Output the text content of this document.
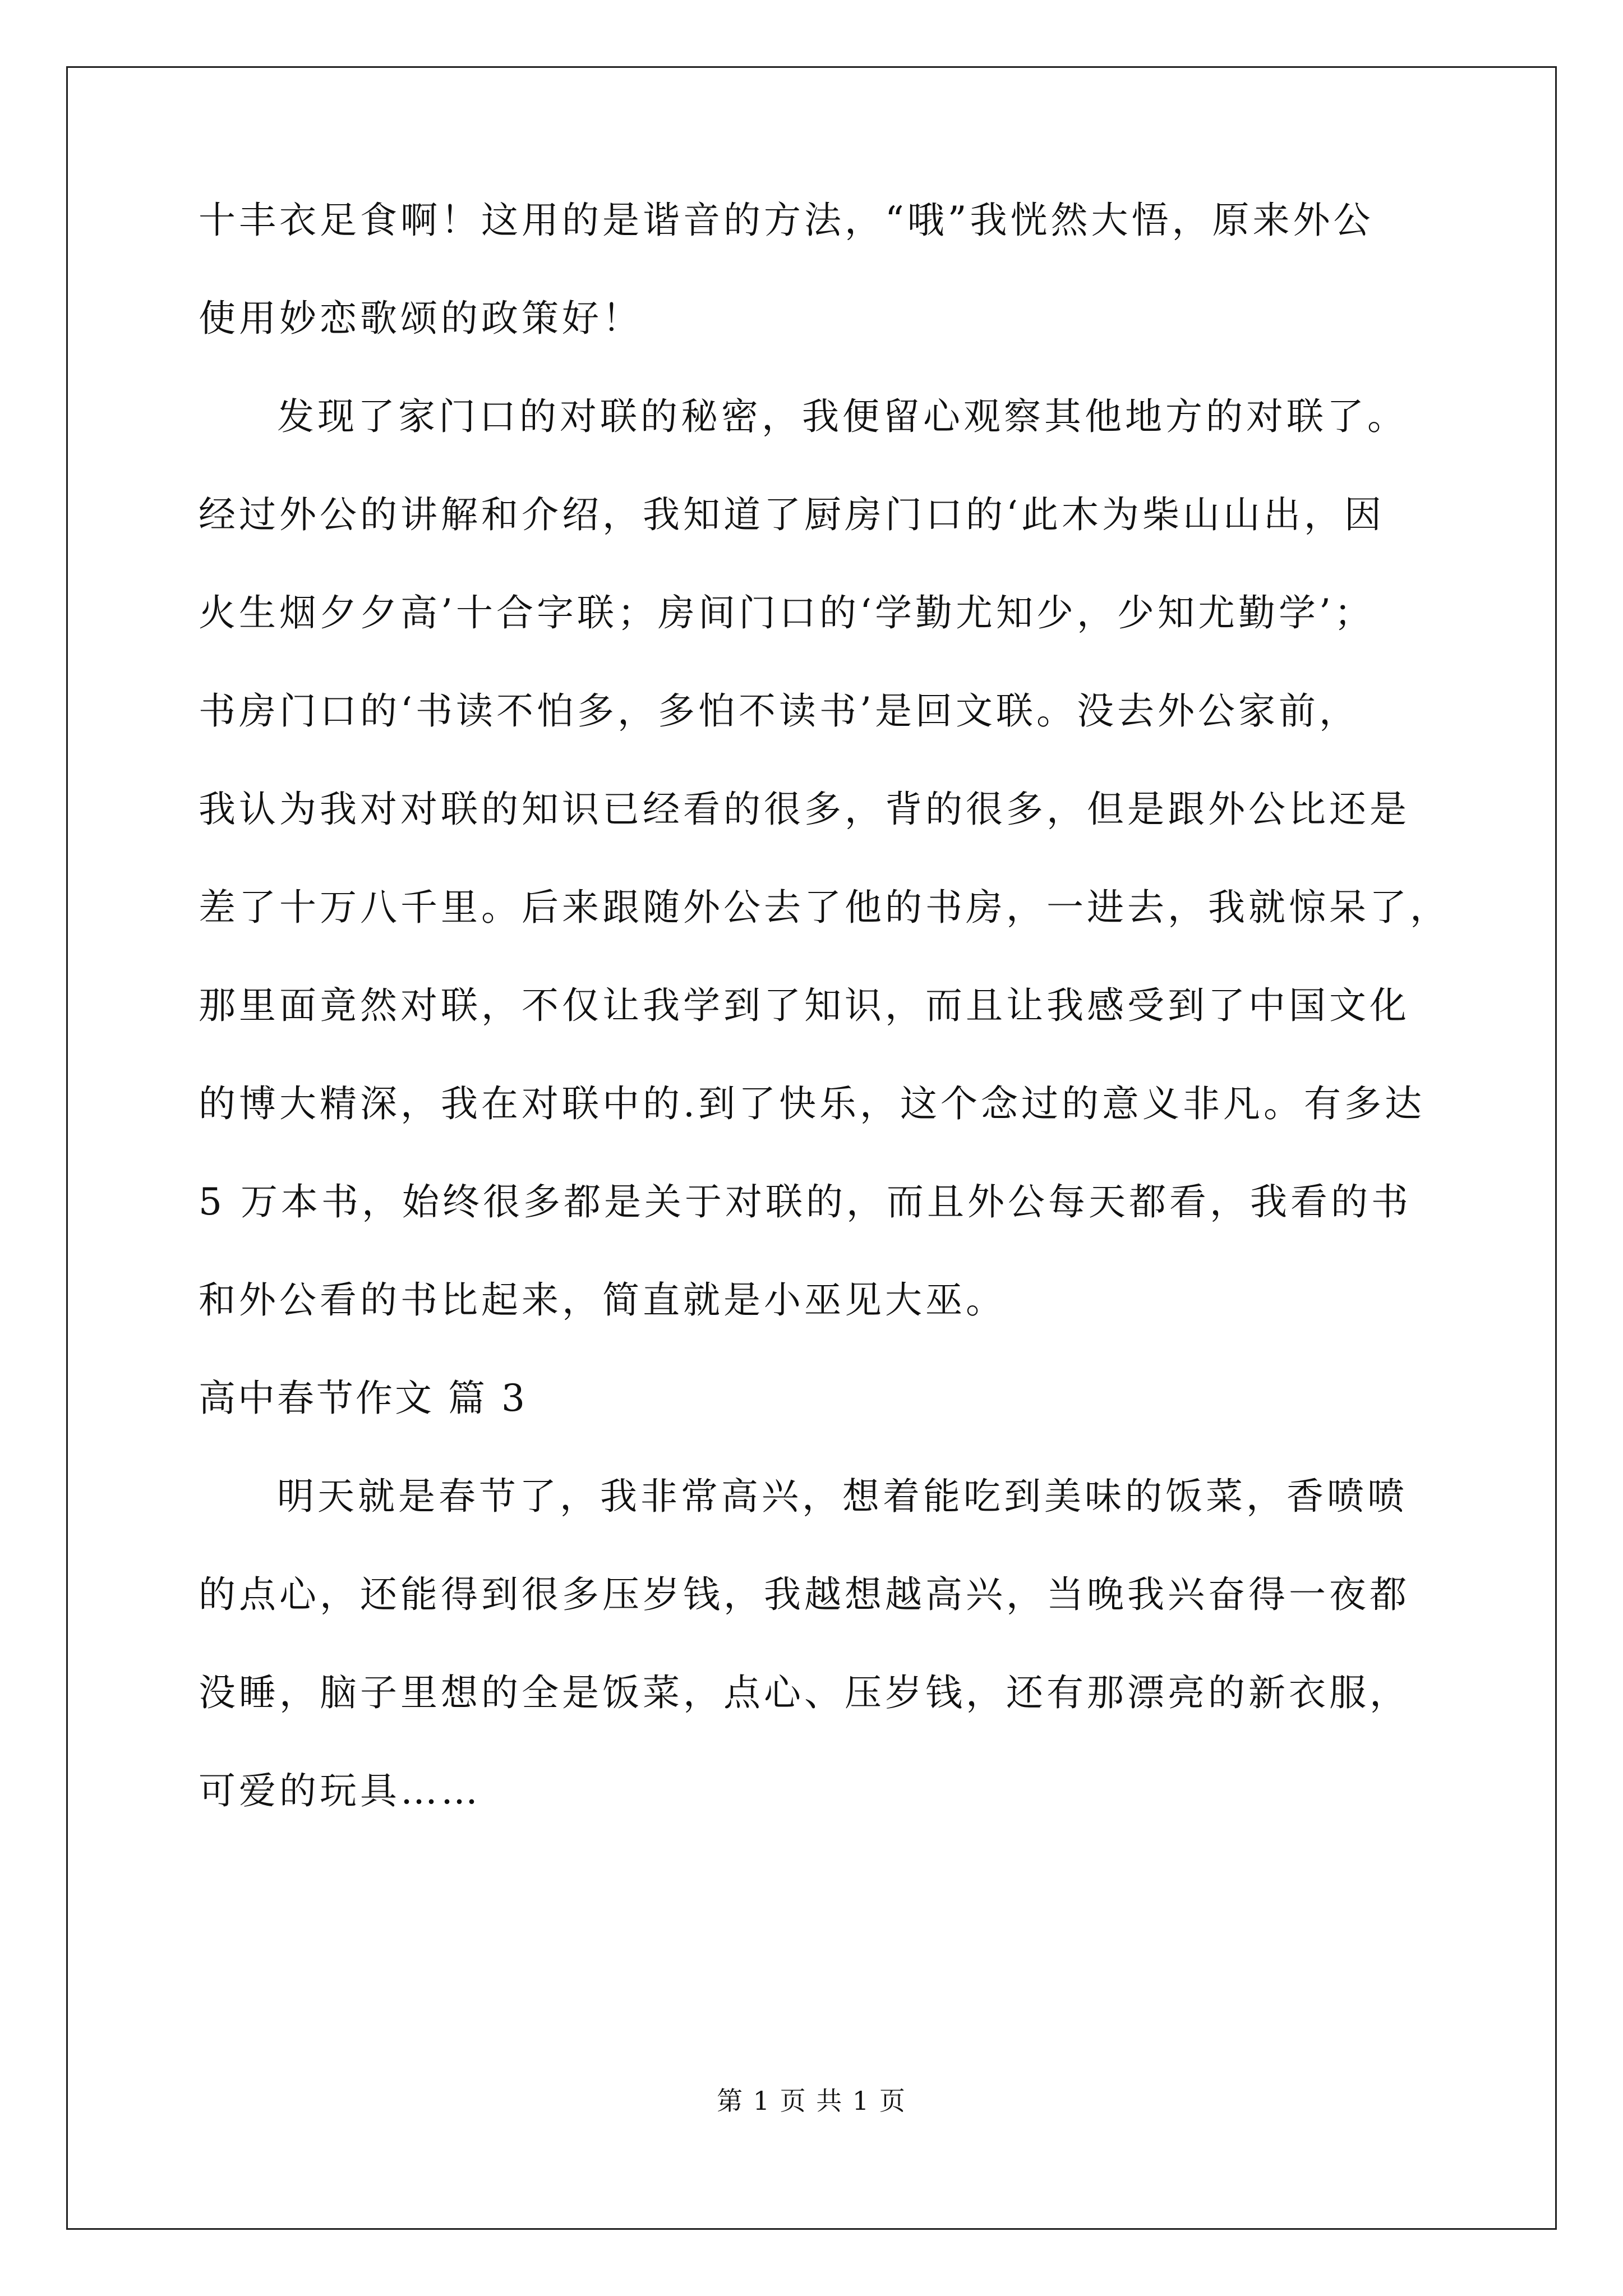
十丰衣足食啊！这用的是谐音的方法，“哦”我恍然大悟，原来外公
使用妙恋歌颂的政策好！
发现了家门口的对联的秘密，我便留心观察其他地方的对联了。
经过外公的讲解和介绍，我知道了厨房门口的‘此木为柴山山出，因
火生烟夕夕高’十合字联；房间门口的‘学勤尤知少，少知尤勤学’；
书房门口的‘书读不怕多，多怕不读书’是回文联。没去外公家前，
我认为我对对联的知识已经看的很多，背的很多，但是跟外公比还是
差了十万八千里。后来跟随外公去了他的书房，一进去，我就惊呆了，
那里面竟然对联，不仅让我学到了知识，而且让我感受到了中国文化
的博大精深，我在对联中的.到了快乐，这个念过的意义非凡。有多达
5 万本书，始终很多都是关于对联的，而且外公每天都看，我看的书
和外公看的书比起来，简直就是小巫见大巫。
高中春节作文 篇 3
明天就是春节了，我非常高兴，想着能吃到美味的饭菜，香喷喷
的点心，还能得到很多压岁钱，我越想越高兴，当晚我兴奋得一夜都
没睡，脑子里想的全是饭菜，点心、压岁钱，还有那漂亮的新衣服，
可爱的玩具……
第 1 页 共 1 页
